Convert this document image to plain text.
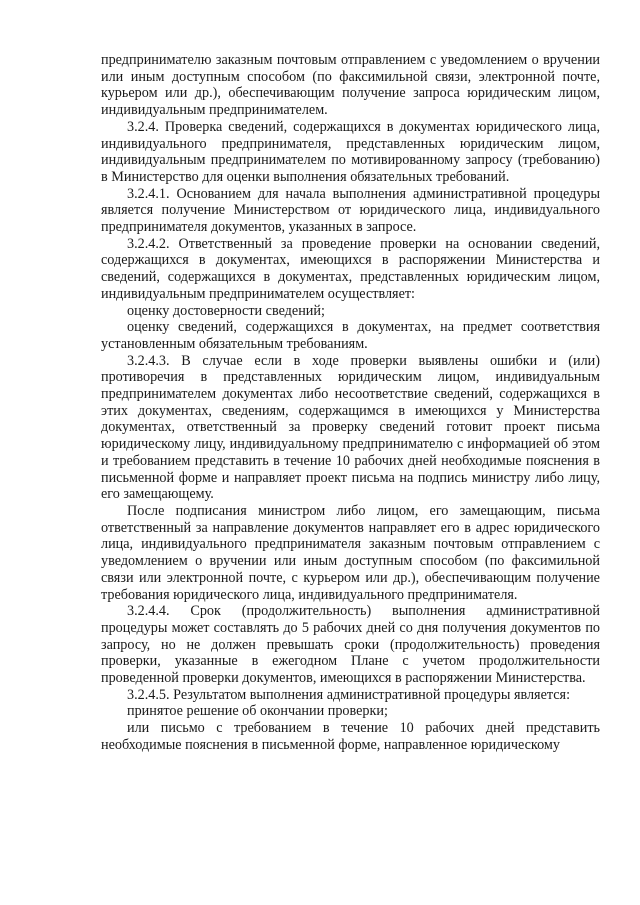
предпринимателю заказным почтовым отправлением с уведомлением о вручении или иным доступным способом (по факсимильной связи, электронной почте, курьером или др.), обеспечивающим получение запроса юридическим лицом, индивидуальным предпринимателем.

3.2.4. Проверка сведений, содержащихся в документах юридического лица, индивидуального предпринимателя, представленных юридическим лицом, индивидуальным предпринимателем по мотивированному запросу (требованию) в Министерство для оценки выполнения обязательных требований.

3.2.4.1. Основанием для начала выполнения административной процедуры является получение Министерством от юридического лица, индивидуального предпринимателя документов, указанных в запросе.

3.2.4.2. Ответственный за проведение проверки на основании сведений, содержащихся в документах, имеющихся в распоряжении Министерства и сведений, содержащихся в документах, представленных юридическим лицом, индивидуальным предпринимателем осуществляет:

оценку достоверности сведений;

оценку сведений, содержащихся в документах, на предмет соответствия установленным обязательным требованиям.

3.2.4.3. В случае если в ходе проверки выявлены ошибки и (или) противоречия в представленных юридическим лицом, индивидуальным предпринимателем документах либо несоответствие сведений, содержащихся в этих документах, сведениям, содержащимся в имеющихся у Министерства документах, ответственный за проверку сведений готовит проект письма юридическому лицу, индивидуальному предпринимателю с информацией об этом и требованием представить в течение 10 рабочих дней необходимые пояснения в письменной форме и направляет проект письма на подпись министру либо лицу, его замещающему.

После подписания министром либо лицом, его замещающим, письма ответственный за направление документов направляет его в адрес юридического лица, индивидуального предпринимателя заказным почтовым отправлением с уведомлением о вручении или иным доступным способом (по факсимильной связи или электронной почте, с курьером или др.), обеспечивающим получение требования юридического лица, индивидуального предпринимателя.

3.2.4.4. Срок (продолжительность) выполнения административной процедуры может составлять до 5 рабочих дней со дня получения документов по запросу, но не должен превышать сроки (продолжительность) проведения проверки, указанные в ежегодном Плане с учетом продолжительности проведенной проверки документов, имеющихся в распоряжении Министерства.

3.2.4.5. Результатом выполнения административной процедуры является:

принятое решение об окончании проверки;

или письмо с требованием в течение 10 рабочих дней представить необходимые пояснения в письменной форме, направленное юридическому
